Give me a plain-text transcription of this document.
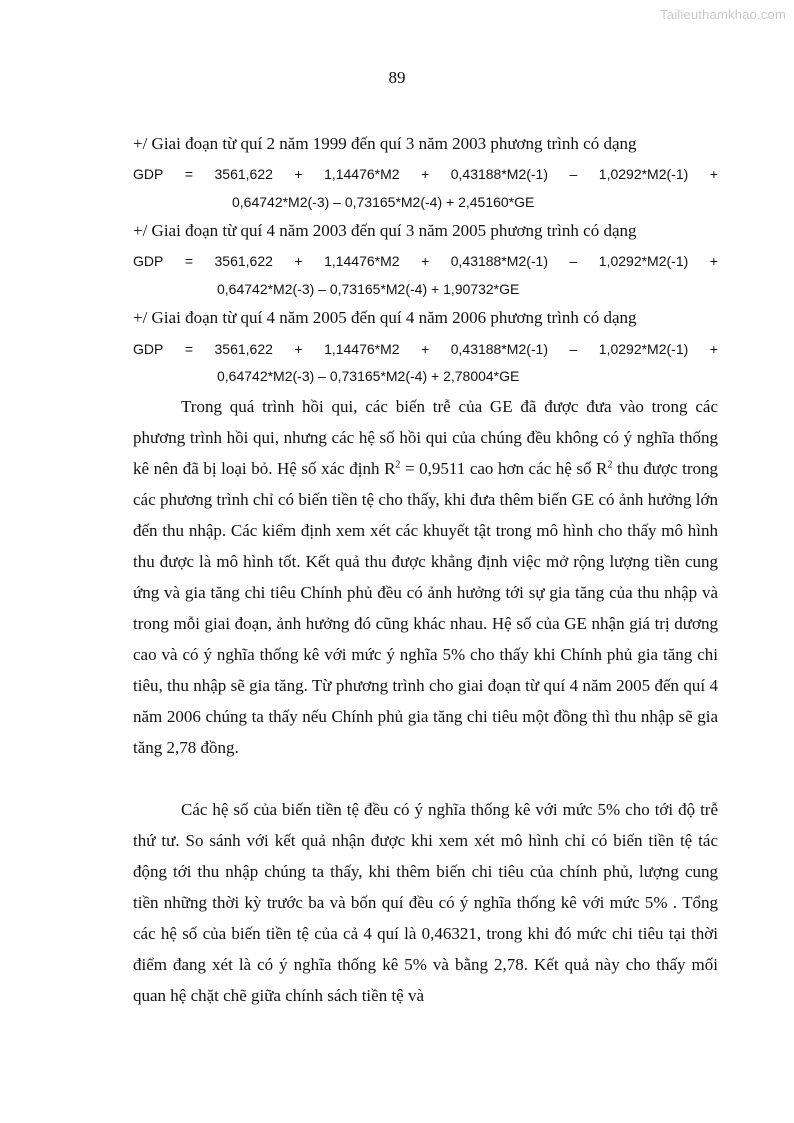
Tailieuthamkhao.com
89
+/ Giai đoạn từ quí 2 năm 1999 đến quí 3 năm 2003 phương trình có dạng
GDP = 3561,622 + 1,14476*M2 + 0,43188*M2(-1) – 1,0292*M2(-1) +
0,64742*M2(-3) – 0,73165*M2(-4) + 2,45160*GE
+/ Giai đoạn từ quí 4 năm 2003 đến quí 3 năm 2005 phương trình có dạng
GDP = 3561,622 + 1,14476*M2 + 0,43188*M2(-1) – 1,0292*M2(-1) +
0,64742*M2(-3) – 0,73165*M2(-4) + 1,90732*GE
+/ Giai đoạn từ quí 4 năm 2005 đến quí 4 năm 2006 phương trình có dạng
GDP = 3561,622 + 1,14476*M2 + 0,43188*M2(-1) – 1,0292*M2(-1) +
0,64742*M2(-3) – 0,73165*M2(-4) + 2,78004*GE

Trong quá trình hồi qui, các biến trễ của GE đã được đưa vào trong các phương trình hồi qui, nhưng các hệ số hồi qui của chúng đều không có ý nghĩa thống kê nên đã bị loại bỏ. Hệ số xác định $R^2 = 0,9511$ cao hơn các hệ số $R^2$ thu được trong các phương trình chỉ có biến tiền tệ cho thấy, khi đưa thêm biến GE có ảnh hưởng lớn đến thu nhập. Các kiểm định xem xét các khuyết tật trong mô hình cho thấy mô hình thu được là mô hình tốt. Kết quả thu được khẳng định việc mở rộng lượng tiền cung ứng và gia tăng chi tiêu Chính phủ đều có ảnh hưởng tới sự gia tăng của thu nhập và trong mỗi giai đoạn, ảnh hưởng đó cũng khác nhau. Hệ số của GE nhận giá trị dương cao và có ý nghĩa thống kê với mức ý nghĩa 5% cho thấy khi Chính phủ gia tăng chi tiêu, thu nhập sẽ gia tăng. Từ phương trình cho giai đoạn từ quí 4 năm 2005 đến quí 4 năm 2006 chúng ta thấy nếu Chính phủ gia tăng chi tiêu một đồng thì thu nhập sẽ gia tăng 2,78 đồng.

Các hệ số của biến tiền tệ đều có ý nghĩa thống kê với mức 5% cho tới độ trễ thứ tư. So sánh với kết quả nhận được khi xem xét mô hình chỉ có biến tiền tệ tác động tới thu nhập chúng ta thấy, khi thêm biến chi tiêu của chính phủ, lượng cung tiền những thời kỳ trước ba và bốn quí đều có ý nghĩa thống kê với mức 5% . Tổng các hệ số của biến tiền tệ của cả 4 quí là 0,46321, trong khi đó mức chi tiêu tại thời điểm đang xét là có ý nghĩa thống kê 5% và bằng 2,78. Kết quả này cho thấy mối quan hệ chặt chẽ giữa chính sách tiền tệ và
